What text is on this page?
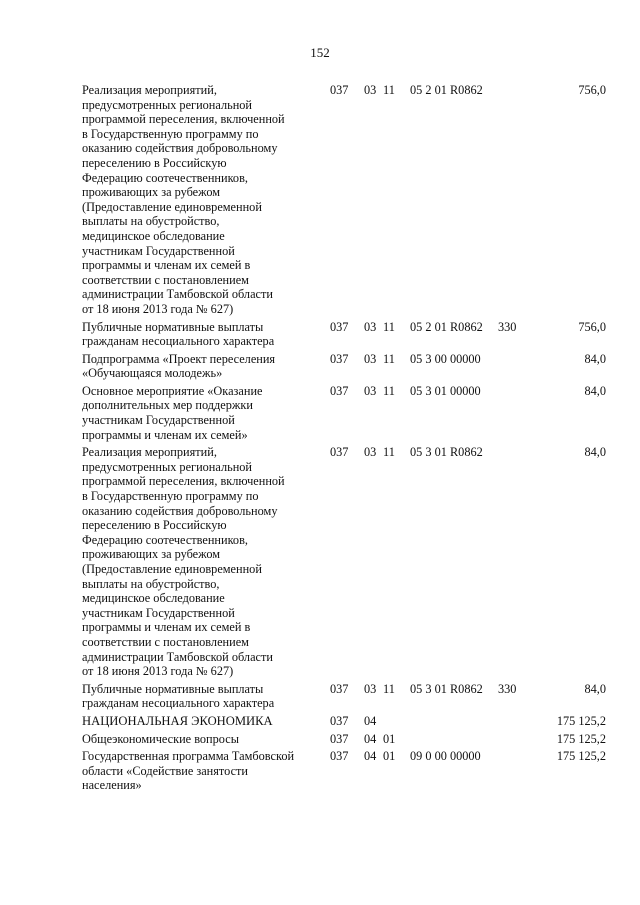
152
Реализация мероприятий,
предусмотренных региональной
программой переселения, включенной
в Государственную программу по
оказанию содействия добровольному
переселению в Российскую
Федерацию соотечественников,
проживающих за рубежом
(Предоставление единовременной
выплаты на обустройство,
медицинское обследование
участникам Государственной
программы и членам их семей в
соответствии с постановлением
администрации Тамбовской области
от 18 июня 2013 года № 627)
037 03 11 05 2 01 R0862	756,0
Публичные нормативные выплаты
гражданам несоциального характера
037 03 11 05 2 01 R0862 330	756,0
Подпрограмма «Проект переселения
«Обучающаяся молодежь»
037 03 11 05 3 00 00000	84,0
Основное мероприятие «Оказание
дополнительных мер поддержки
участникам Государственной
программы и членам их семей»
037 03 11 05 3 01 00000	84,0
Реализация мероприятий,
предусмотренных региональной
программой переселения, включенной
в Государственную программу по
оказанию содействия добровольному
переселению в Российскую
Федерацию соотечественников,
проживающих за рубежом
(Предоставление единовременной
выплаты на обустройство,
медицинское обследование
участникам Государственной
программы и членам их семей в
соответствии с постановлением
администрации Тамбовской области
от 18 июня 2013 года № 627)
037 03 11 05 3 01 R0862	84,0
Публичные нормативные выплаты
гражданам несоциального характера
037 03 11 05 3 01 R0862 330	84,0
НАЦИОНАЛЬНАЯ ЭКОНОМИКА	037 04	175 125,2
Общеэкономические вопросы	037 04 01	175 125,2
Государственная программа Тамбовской
области «Содействие занятости
населения»
037 04 01 09 0 00 00000	175 125,2
